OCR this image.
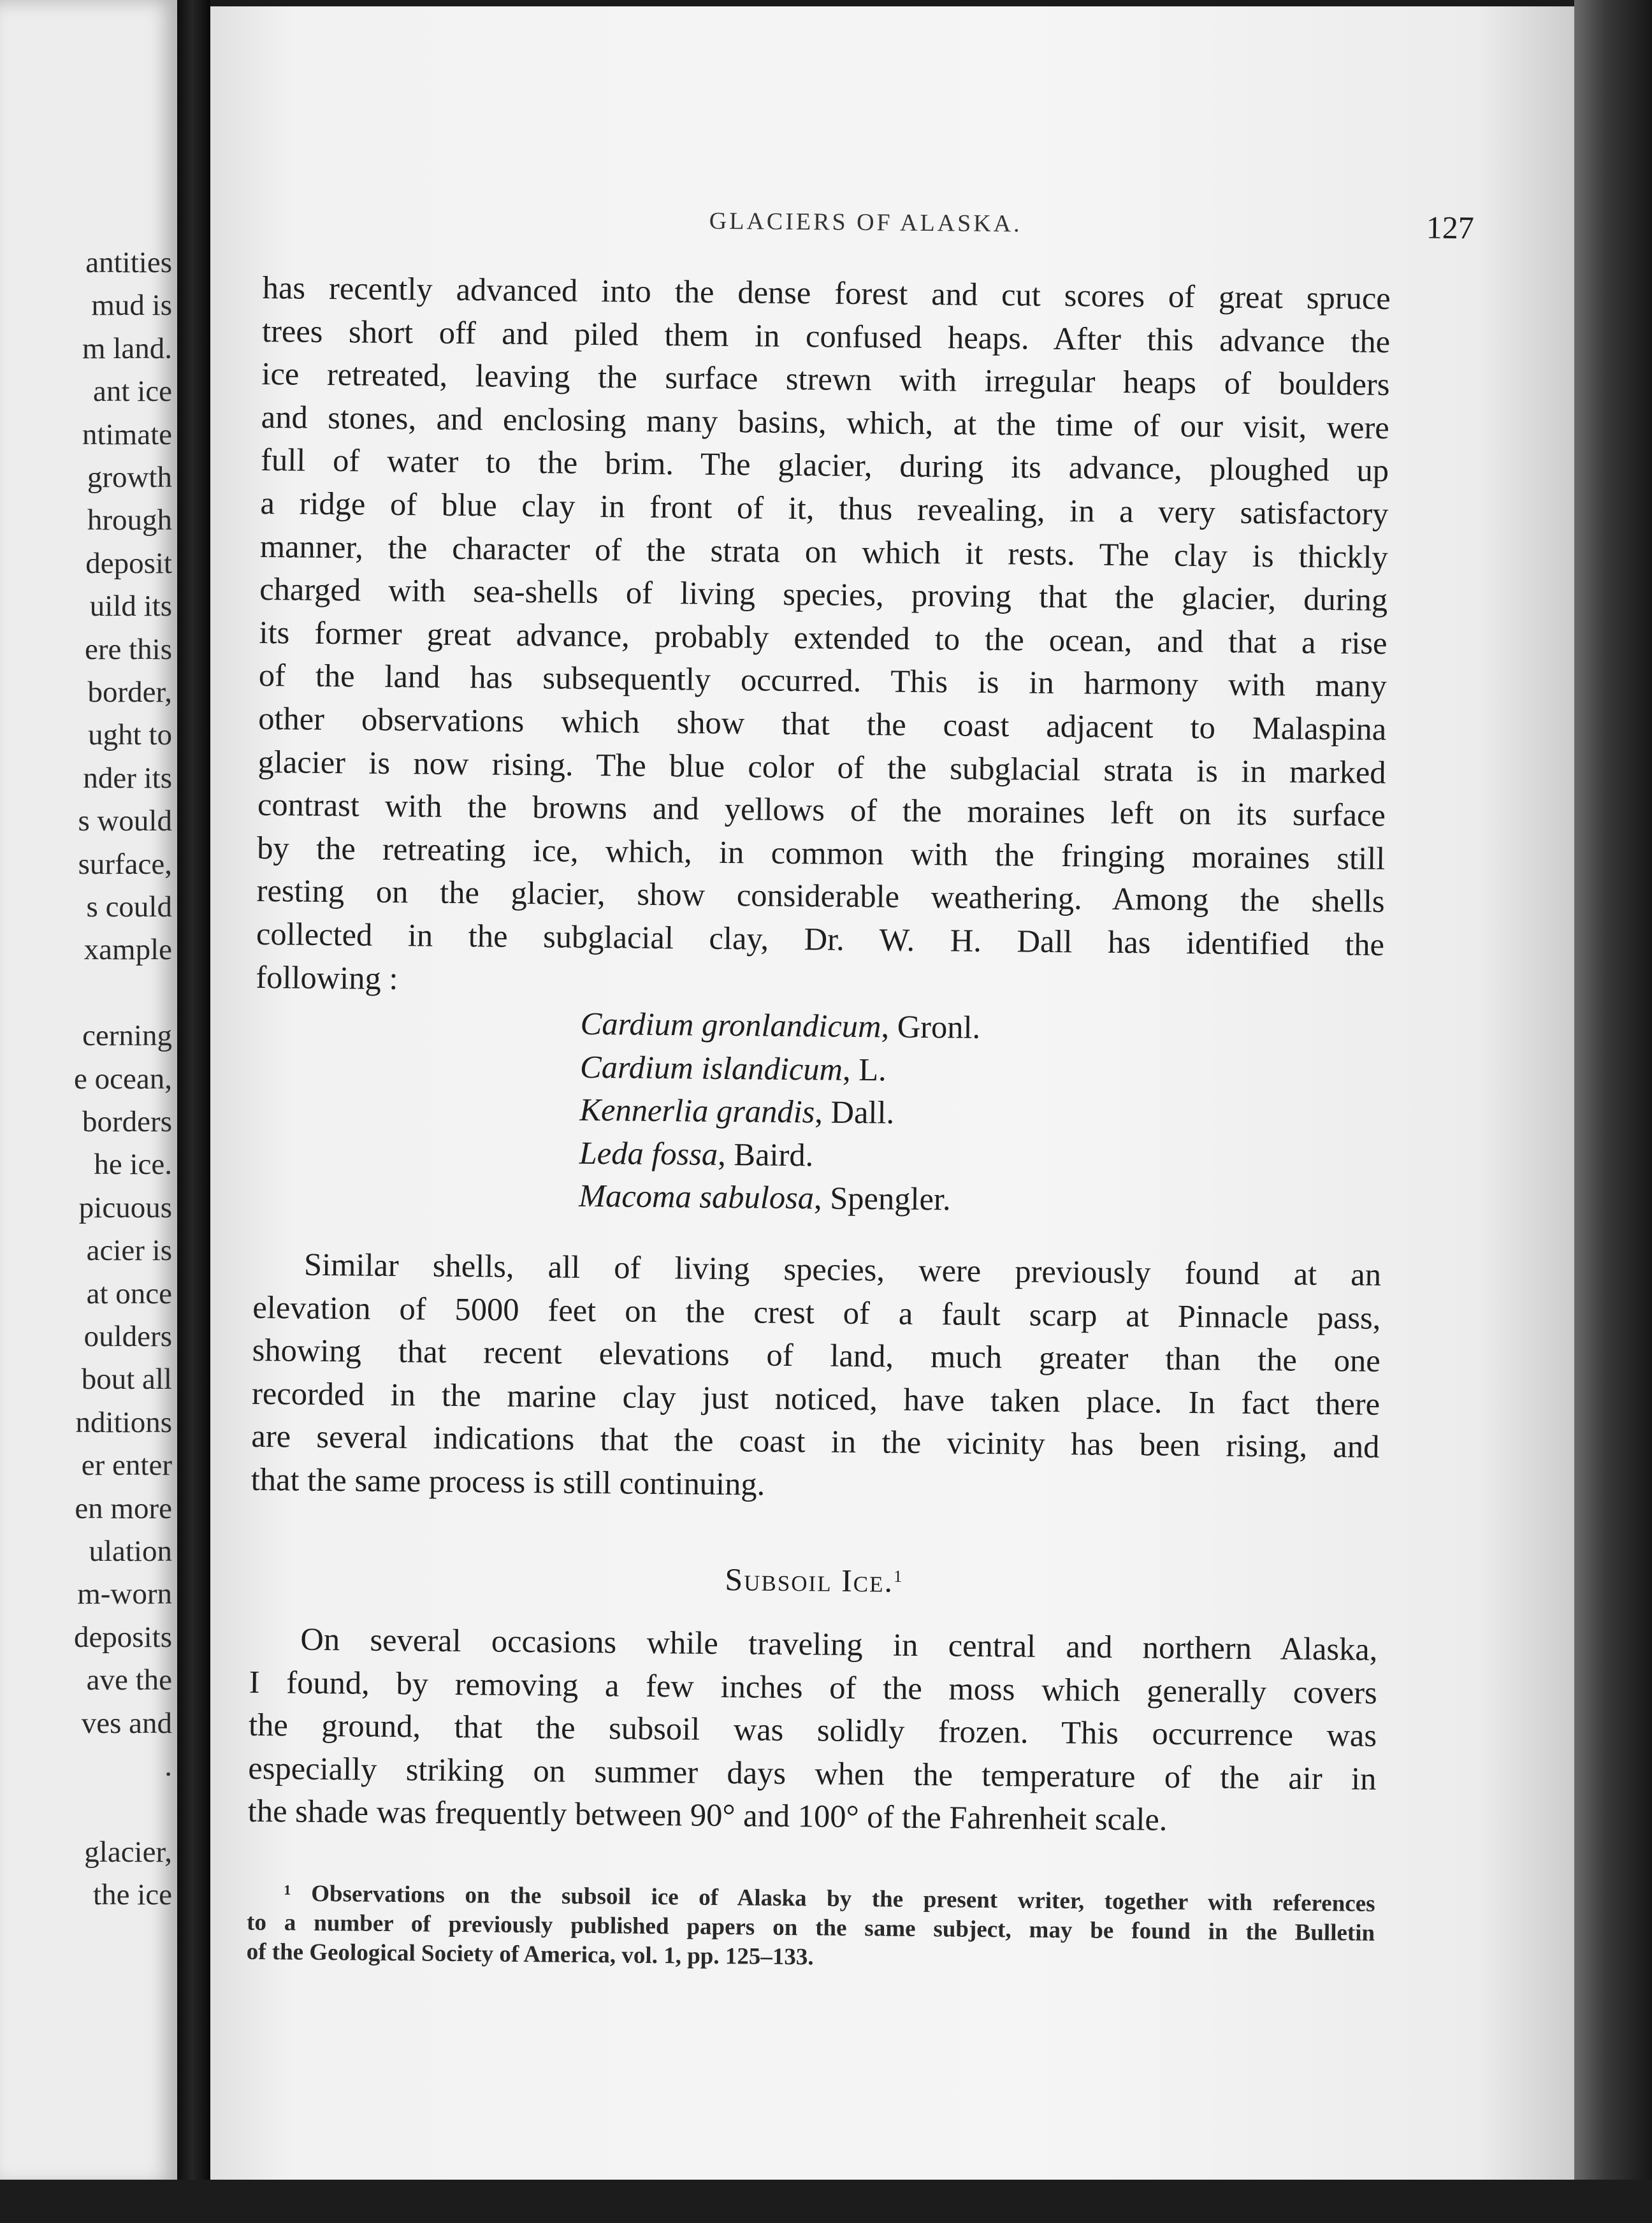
antities
mud is
m land.
ant ice
ntimate
growth
hrough
deposit
uild its
ere this
border,
ught to
nder its
s would
surface,
s could
xample
cerning
e ocean,
borders
he ice.
picuous
acier is
at once
oulders
bout all
nditions
er enter
en more
ulation
m-worn
deposits
ave the
ves and
.
glacier,
the ice
GLACIERS OF ALASKA.	127
has recently advanced into the dense forest and cut scores of great spruce
trees short off and piled them in confused heaps. After this advance the
ice retreated, leaving the surface strewn with irregular heaps of boulders
and stones, and enclosing many basins, which, at the time of our visit, were
full of water to the brim. The glacier, during its advance, ploughed up
a ridge of blue clay in front of it, thus revealing, in a very satisfactory
manner, the character of the strata on which it rests. The clay is thickly
charged with sea-shells of living species, proving that the glacier, during
its former great advance, probably extended to the ocean, and that a rise
of the land has subsequently occurred. This is in harmony with many
other observations which show that the coast adjacent to Malaspina
glacier is now rising. The blue color of the subglacial strata is in marked
contrast with the browns and yellows of the moraines left on its surface
by the retreating ice, which, in common with the fringing moraines still
resting on the glacier, show considerable weathering. Among the shells
collected in the subglacial clay, Dr. W. H. Dall has identified the
following :
Cardium gronlandicum, Gronl.
Cardium islandicum, L.
Kennerlia grandis, Dall.
Leda fossa, Baird.
Macoma sabulosa, Spengler.
Similar shells, all of living species, were previously found at an
elevation of 5000 feet on the crest of a fault scarp at Pinnacle pass,
showing that recent elevations of land, much greater than the one
recorded in the marine clay just noticed, have taken place. In fact there
are several indications that the coast in the vicinity has been rising, and
that the same process is still continuing.
Subsoil Ice.$^1$
On several occasions while traveling in central and northern Alaska,
I found, by removing a few inches of the moss which generally covers
the ground, that the subsoil was solidly frozen. This occurrence was
especially striking on summer days when the temperature of the air in
the shade was frequently between 90° and 100° of the Fahrenheit scale.
¹ Observations on the subsoil ice of Alaska by the present writer, together with references
to a number of previously published papers on the same subject, may be found in the Bulletin
of the Geological Society of America, vol. 1, pp. 125–133.
